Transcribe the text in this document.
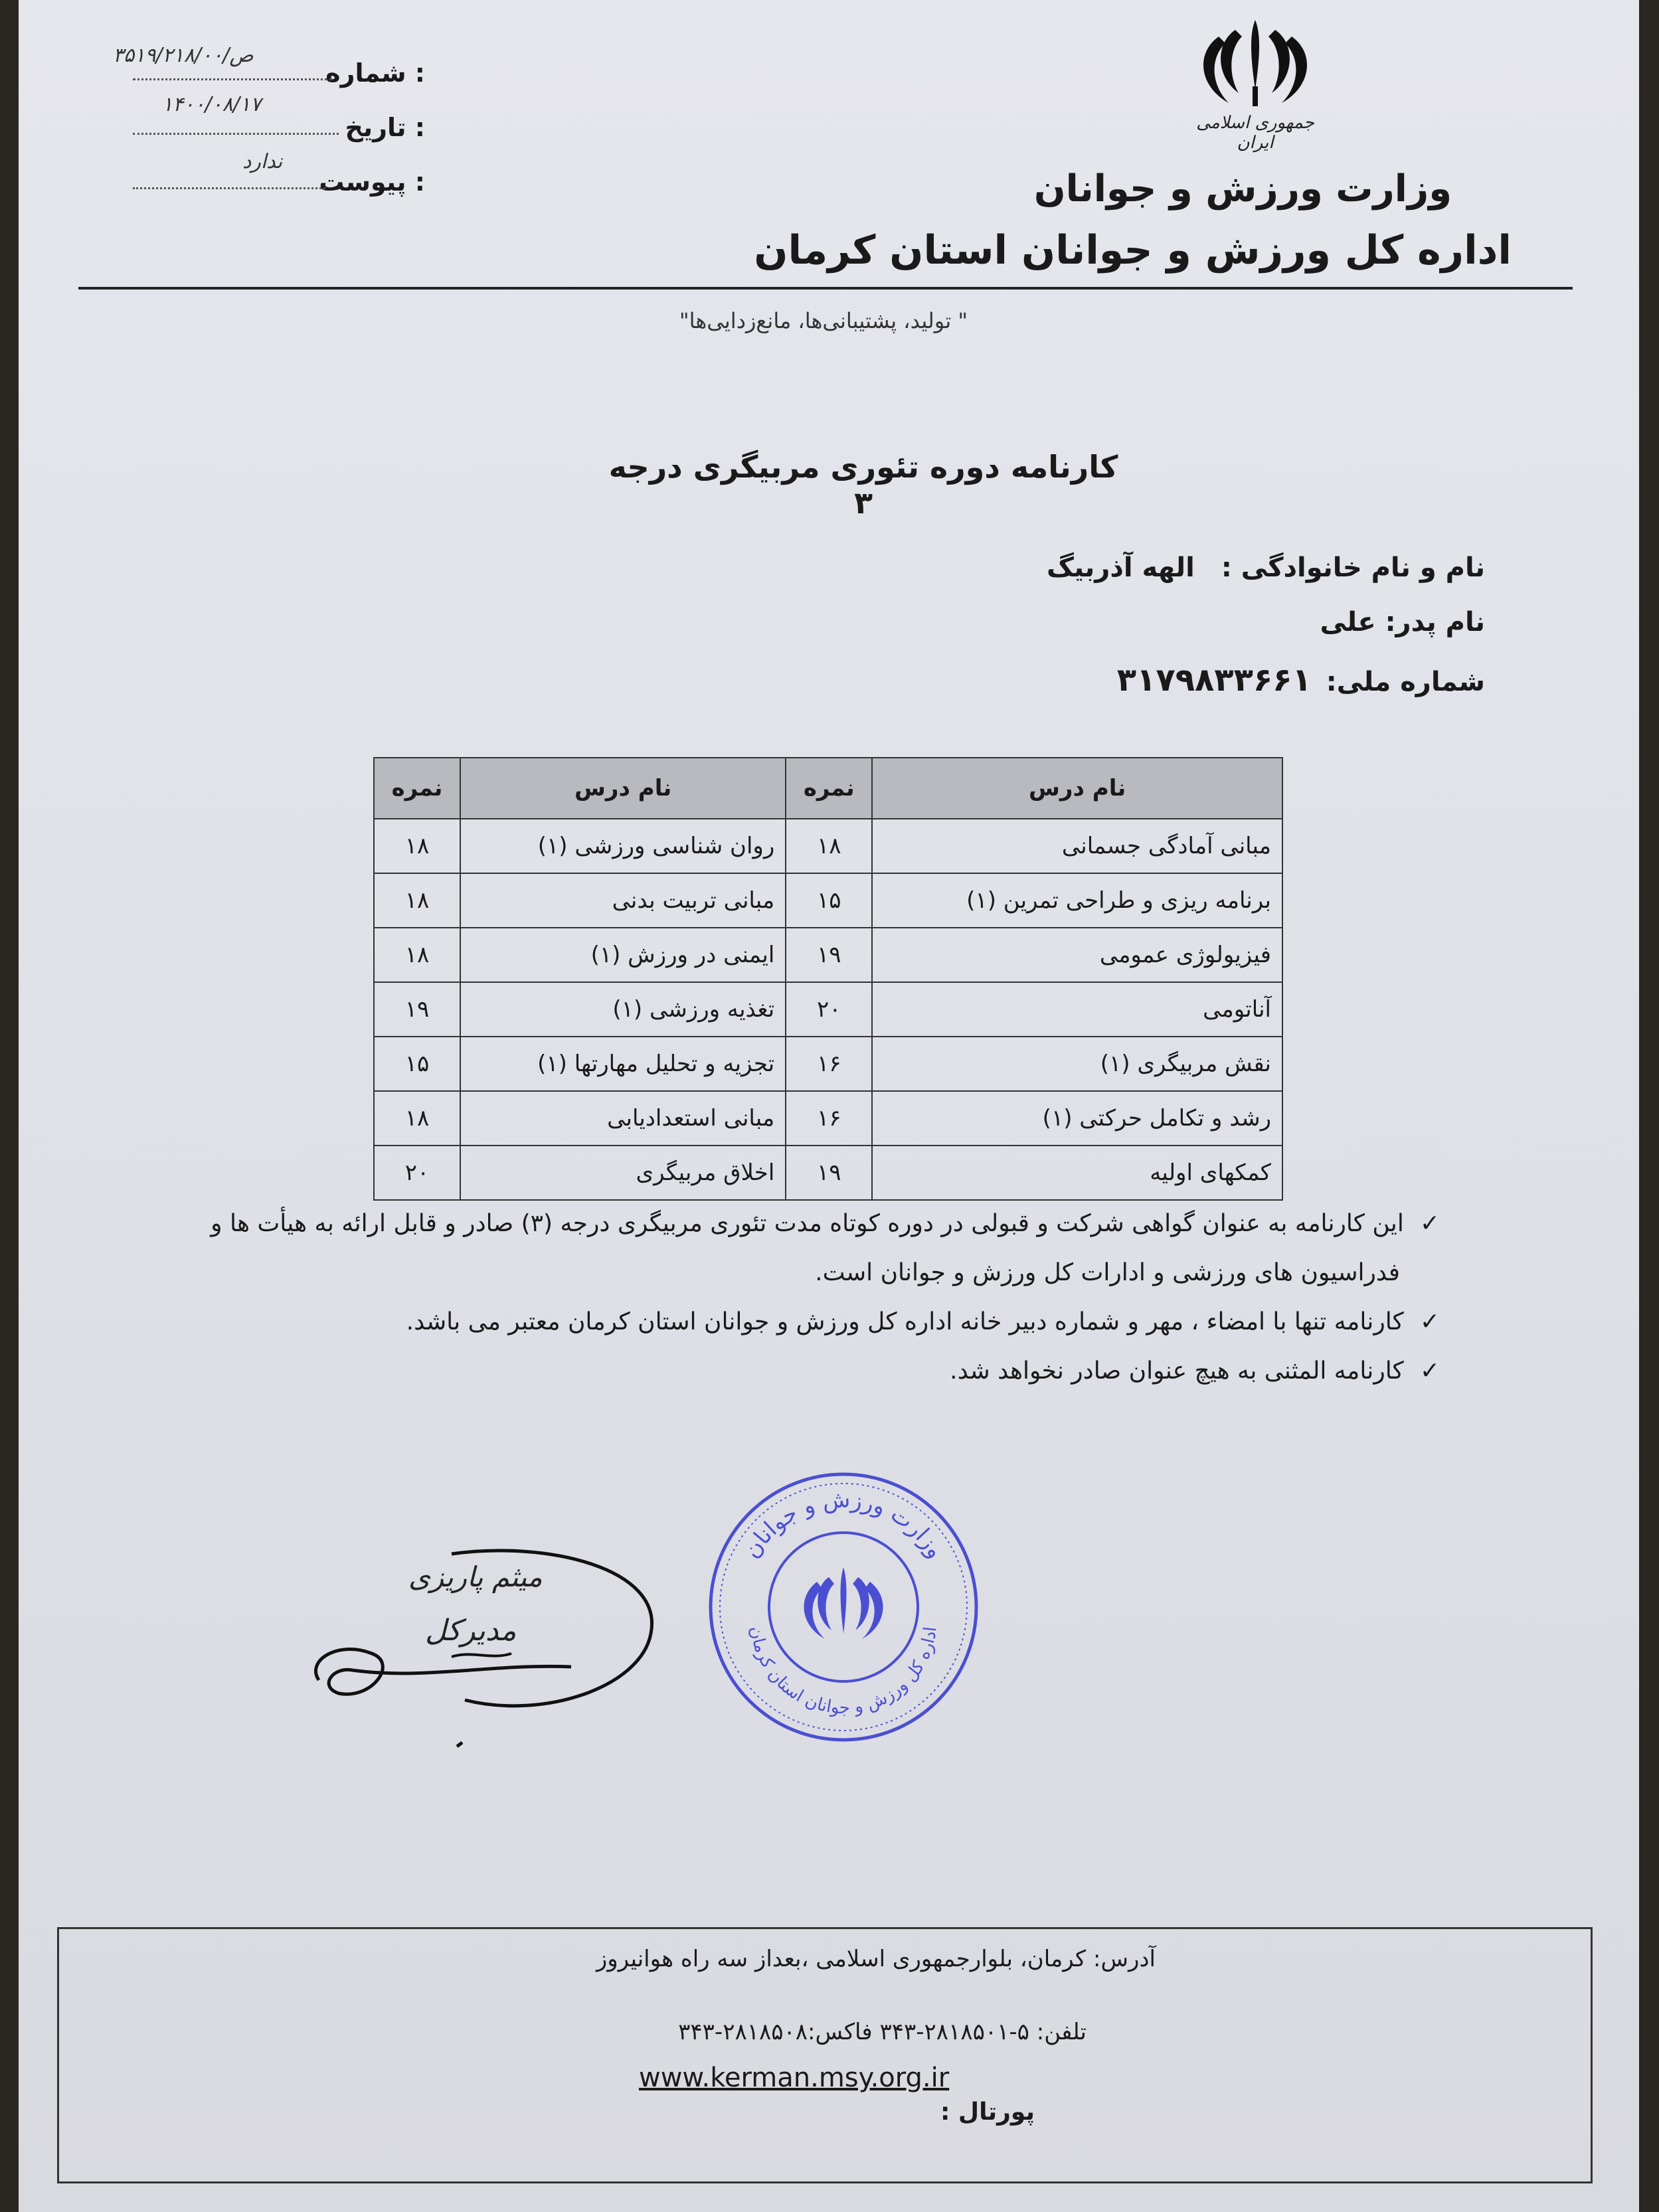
جمهوری اسلامی ایران
وزارت ورزش و جوانان
اداره کل ورزش و جوانان استان کرمان
" تولید، پشتیبانی‌ها، مانع‌زدایی‌ها"
شماره :
۳۵۱۹/ص/۲۱۸/۰۰
تاریخ :
۱۴۰۰/۰۸/۱۷
پیوست :
ندارد
کارنامه دوره تئوری مربیگری درجه ۳
نام و نام خانوادگی : الهه آذربیگ
نام پدر: علی
شماره ملی: ۳۱۷۹۸۳۳۶۶۱
نام درس	نمره	نام درس	نمره
مبانی آمادگی جسمانی	۱۸	روان شناسی ورزشی (۱)	۱۸
برنامه ریزی و طراحی تمرین (۱)	۱۵	مبانی تربیت بدنی	۱۸
فیزیولوژی عمومی	۱۹	ایمنی در ورزش (۱)	۱۸
آناتومی	۲۰	تغذیه ورزشی (۱)	۱۹
نقش مربیگری (۱)	۱۶	تجزیه و تحلیل مهارتها (۱)	۱۵
رشد و تکامل حرکتی (۱)	۱۶	مبانی استعدادیابی	۱۸
کمکهای اولیه	۱۹	اخلاق مربیگری	۲۰
✓این کارنامه به عنوان گواهی شرکت و قبولی در دوره کوتاه مدت تئوری مربیگری درجه (۳) صادر و قابل ارائه به هیأت ها و
فدراسیون های ورزشی و ادارات کل ورزش و جوانان است.
✓کارنامه تنها با امضاء ، مهر و شماره دبیر خانه اداره کل ورزش و جوانان استان کرمان معتبر می باشد.
✓کارنامه المثنی به هیچ عنوان صادر نخواهد شد.
وزارت ورزش و جوانان
اداره کل ورزش و جوانان استان کرمان
میثم پاریزی
مدیرکل
آدرس: کرمان، بلوارجمهوری اسلامی ،بعداز سه راه هوانیروز
تلفن: ۵-۲۸۱۸۵۰۱-۳۴۳ فاکس:۲۸۱۸۵۰۸-۳۴۳
پورتال :
www.kerman.msy.org.ir
